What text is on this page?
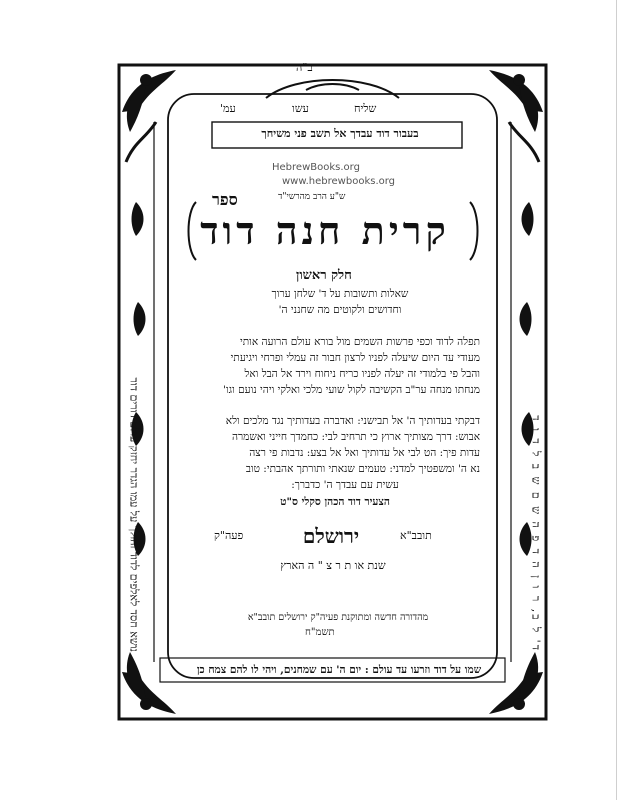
HebrewBooks.org
www.hebrewbooks.org
ב"ה
עמ'	עשו	שליח
בעבור דוד עבדך אל תשב פני משיחך
ש"ע הרב מהרשי"ד
ספר
קרית חנה דוד
חלק ראשון
שאלות ותשובות על ד' שלחן ערוך
וחדושים ולקוטים מה שחנני ה'
תפלה לדוד וכפי פרשות השמים מול בורא עולם הרועה אותי
מעודי עד היום שיעלה לפניו לרצון חבור זה עמלי ופרחי ויגיעתי
והבל פי בלמודי זה יעלה לפניו כריח ניחוח וירד אל הבל ואל
מנחתו מנחה ער"ב הקשיבה לקול שועי מלכי ואלקי ויהי נועם וגו'
דבקתי בעדותיך ה' אל תבישני: ואדברה בעדותיך נגד מלכים ולא
אבוש: דרך מצותיך ארוץ כי תרחיב לבי: כחמדך חייני ואשמרה
עדות פיך: הט לבי אל עדותיך ואל אל בצע: נדבות פי רצה
נא ה' ומשפטיך למדני: טעמים שנאתי ותורתך אהבתי: טוב
עשית עם עבדך ה' כדברך:
הצעיר דוד הכהן סקלי ס"ט
פעה"ק	ירושלם	תובב"א
שנת או ת ר צ " ה הארץ
מהדורה חדשה ומתוקנת פעיה"ק ירושלים תובב"א
תשמ"ח
נושא חסד לאלפים לדוד והולך על עמו הגדר יחזק עולם דורים דור	ד' ל ב, ר ו ן ה ד פ ה ש ם ש ב ל ד ו ד
שמו על דוד וזרעו עד עולם : יום ה' עם שמחנים, ויהי לו להם צמח כן
